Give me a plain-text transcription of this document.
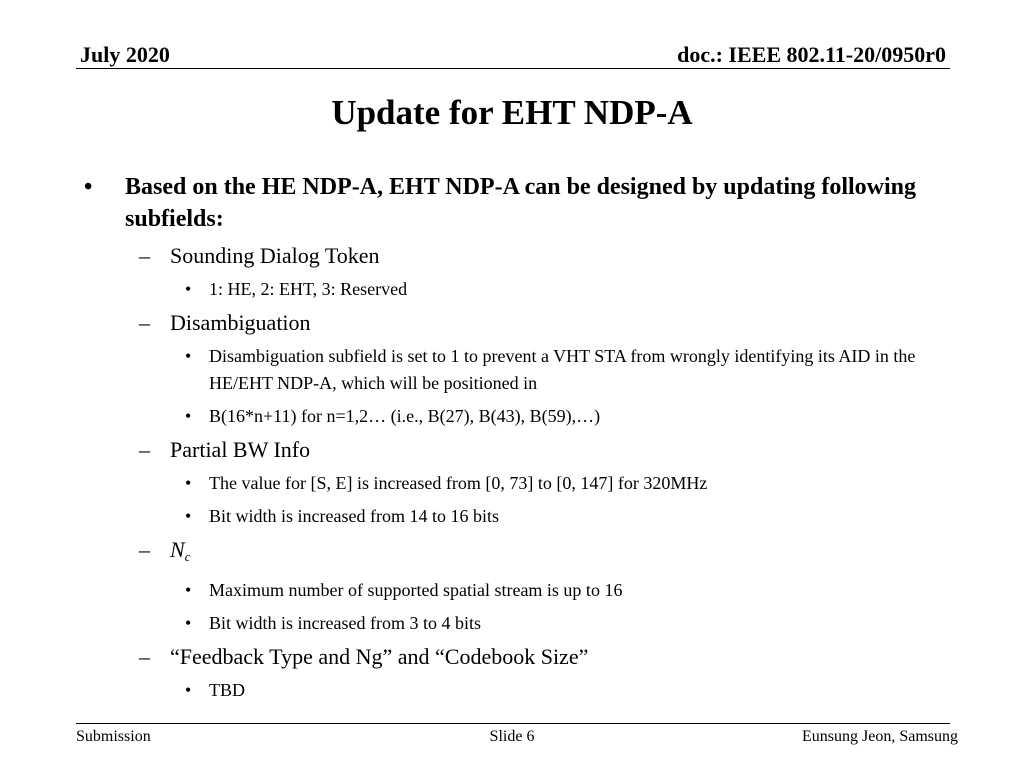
July 2020	doc.: IEEE 802.11-20/0950r0
Update for EHT NDP-A
• Based on the HE NDP-A, EHT NDP-A can be designed by updating following subfields:
– Sounding Dialog Token
• 1: HE, 2: EHT, 3: Reserved
– Disambiguation
• Disambiguation subfield is set to 1 to prevent a VHT STA from wrongly identifying its AID in the HE/EHT NDP-A, which will be positioned in
• B(16*n+11) for n=1,2… (i.e., B(27), B(43), B(59),…)
– Partial BW Info
• The value for [S, E] is increased from [0, 73] to [0, 147] for 320MHz
• Bit width is increased from 14 to 16 bits
– $N_c$
• Maximum number of supported spatial stream is up to 16
• Bit width is increased from 3 to 4 bits
– “Feedback Type and Ng” and “Codebook Size”
• TBD
Submission	Slide 6	Eunsung Jeon, Samsung
